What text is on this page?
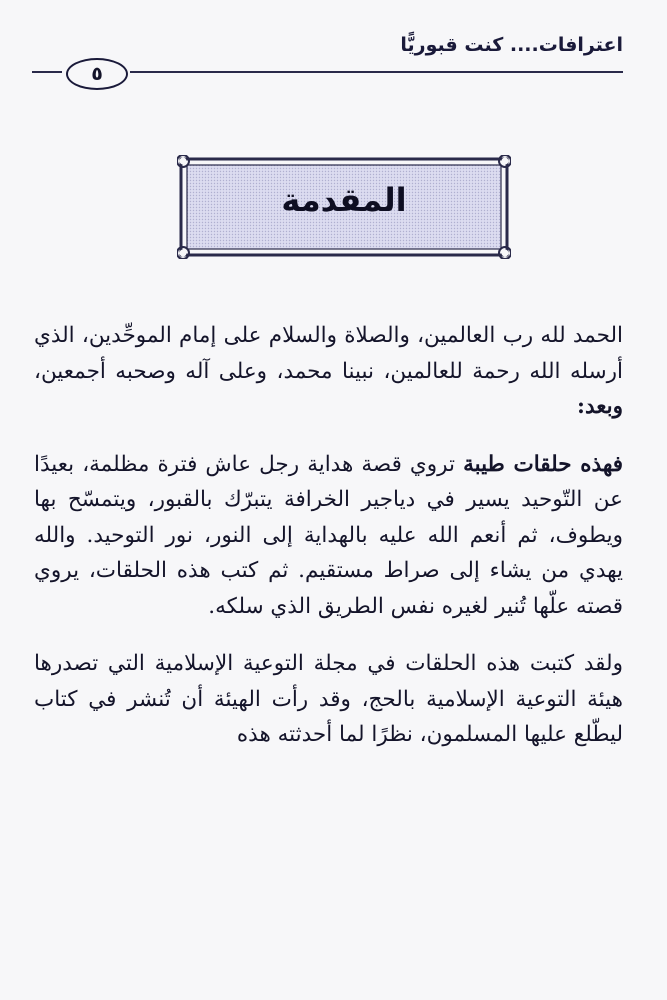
اعترافات.... كنت قبوريًّا
٥
المقدمة

الحمد لله رب العالمين، والصلاة والسلام على إمام الموحِّدين، الذي أرسله الله رحمة للعالمين، نبينا محمد، وعلى آله وصحبه أجمعين، وبعد:

فهذه حلقات طيبة تروي قصة هداية رجل عاش فترة مظلمة، بعيدًا عن التّوحيد يسير في دياجير الخرافة يتبرّك بالقبور، ويتمسّح بها ويطوف، ثم أنعم الله عليه بالهداية إلى النور، نور التوحيد. والله يهدي من يشاء إلى صراط مستقيم. ثم كتب هذه الحلقات، يروي قصته علّها تُنير لغيره نفس الطريق الذي سلكه.

ولقد كتبت هذه الحلقات في مجلة التوعية الإسلامية التي تصدرها هيئة التوعية الإسلامية بالحج، وقد رأت الهيئة أن تُنشر في كتاب ليطّلع عليها المسلمون، نظرًا لما أحدثته هذه
